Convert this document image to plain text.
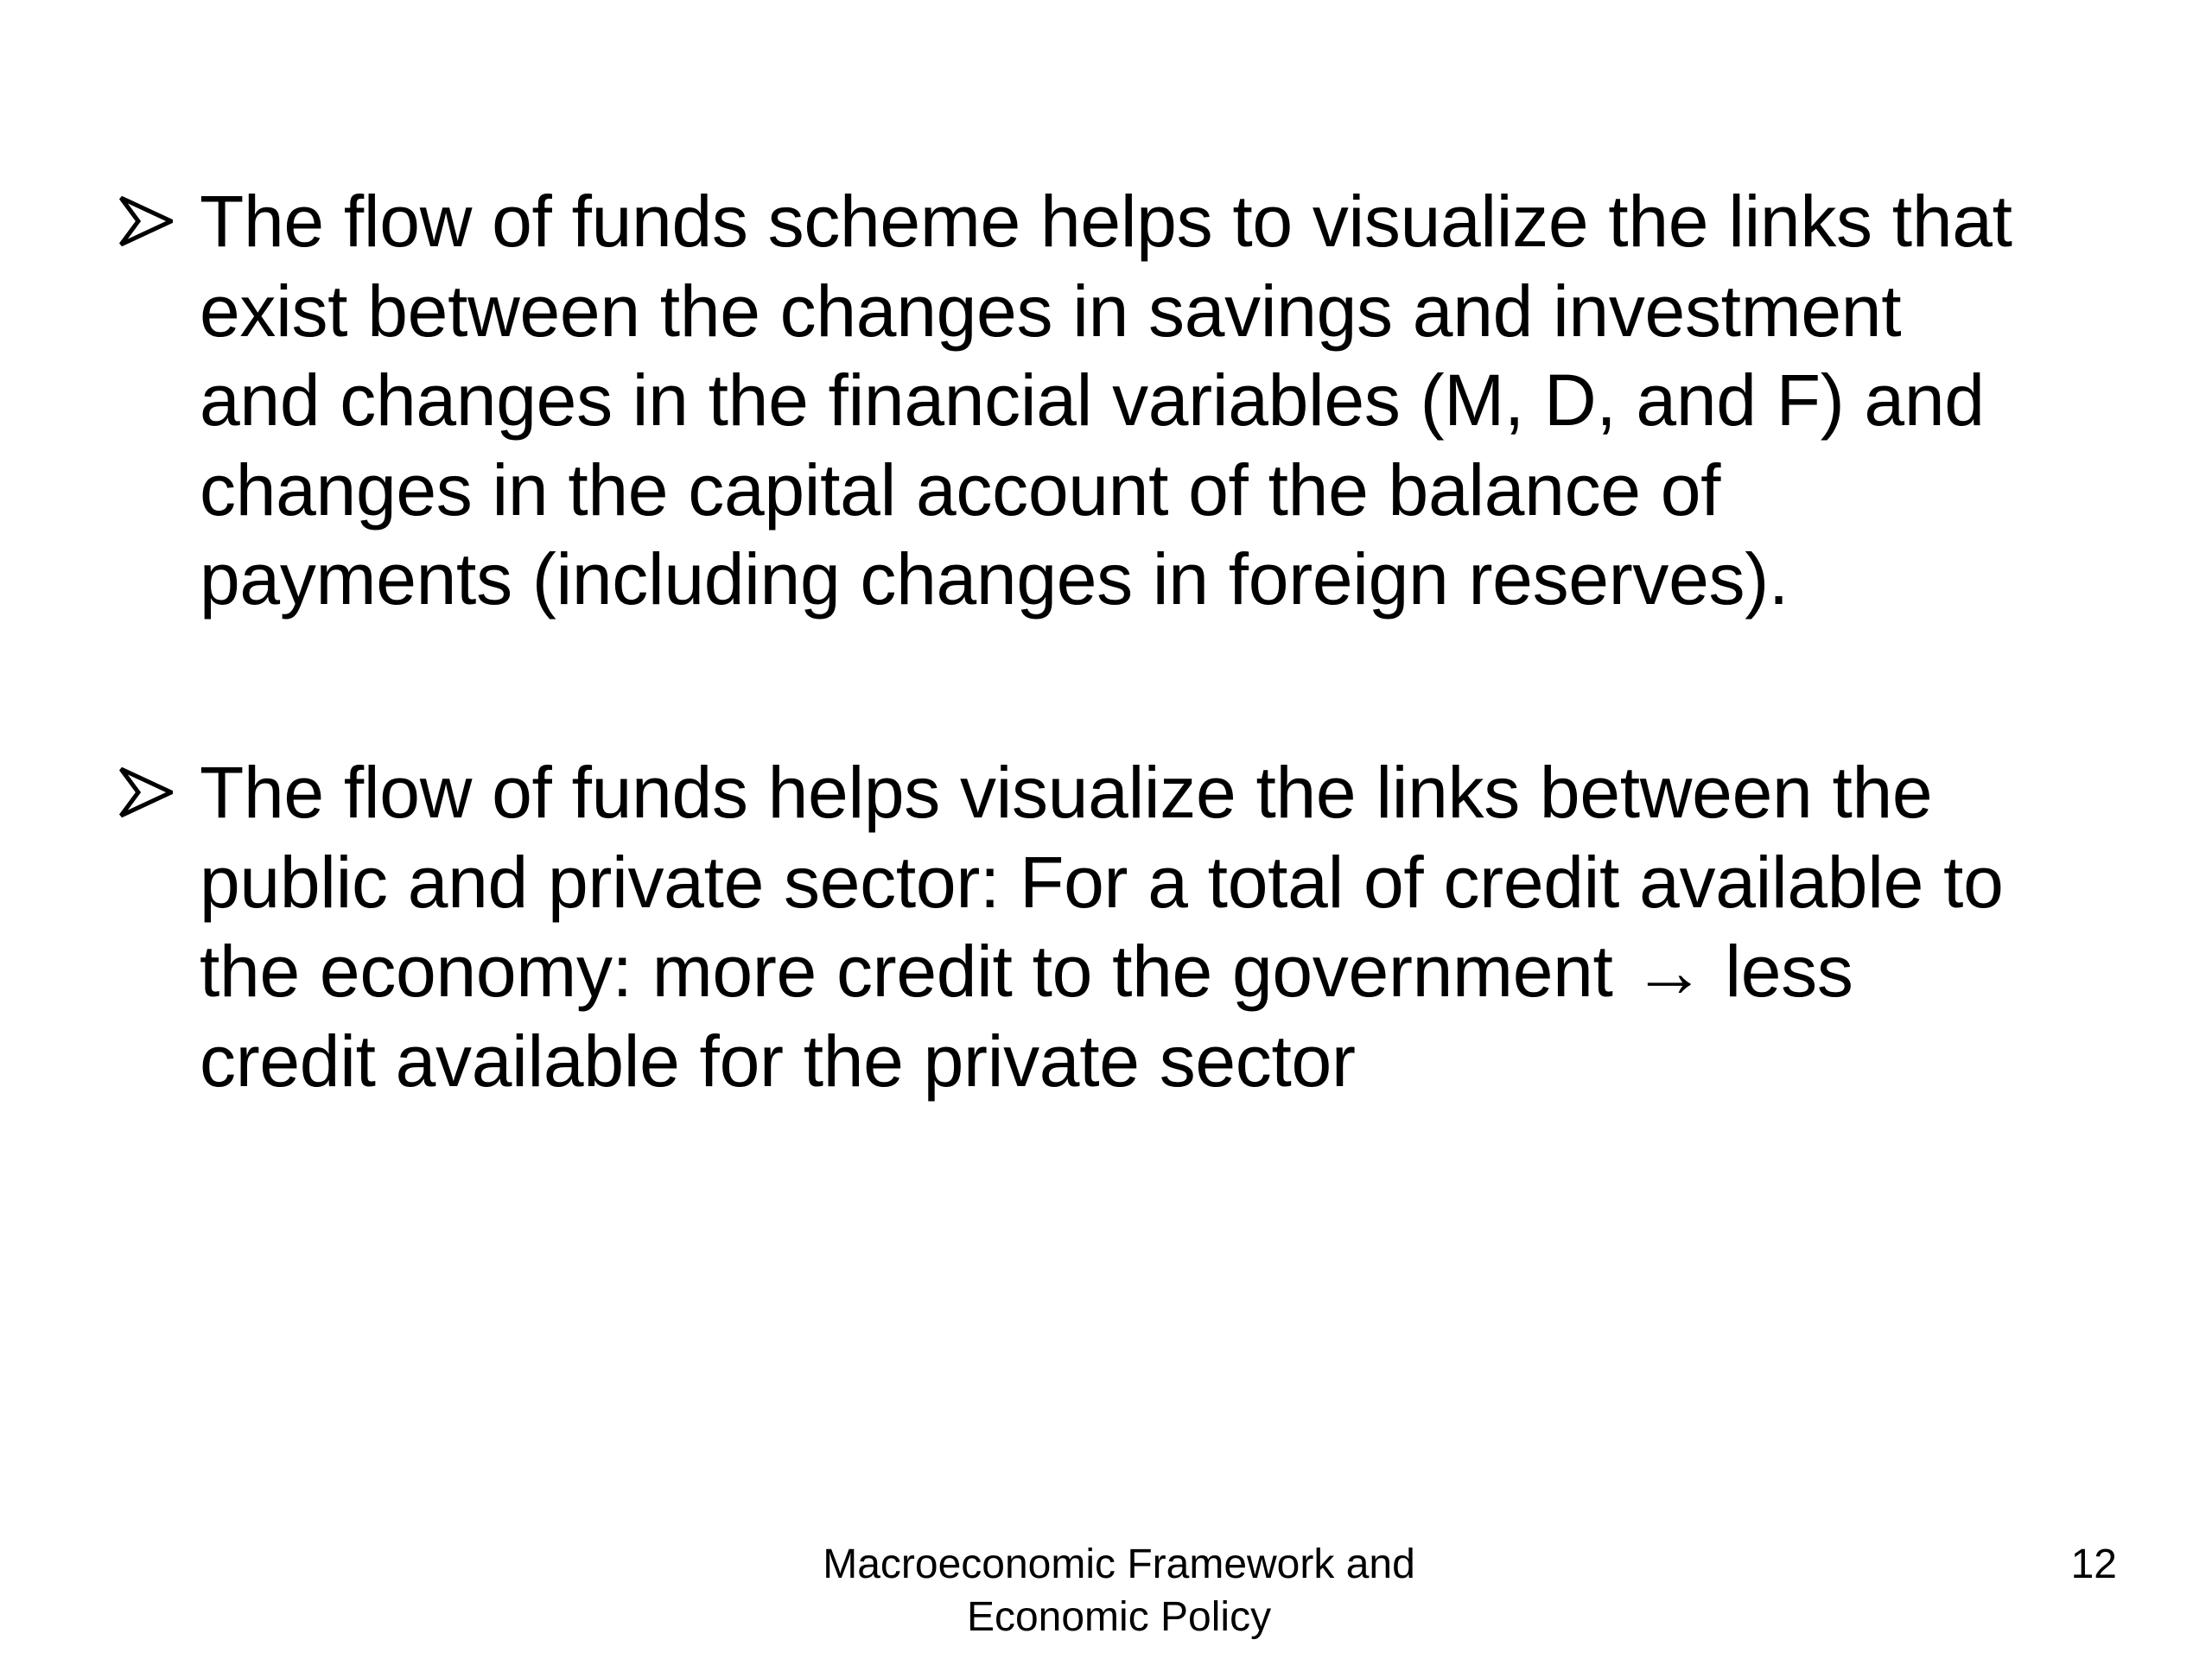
The flow of funds scheme helps to visualize the links that
exist between the changes in savings and investment
and changes in the financial variables (M, D, and F) and
changes in the capital account of the balance of
payments (including changes in foreign reserves).
The flow of funds helps visualize the links between the
public and private sector: For a total of credit available to
the economy: more credit to the government → less
credit available for the private sector
Macroeconomic Framework and
Economic Policy
12
